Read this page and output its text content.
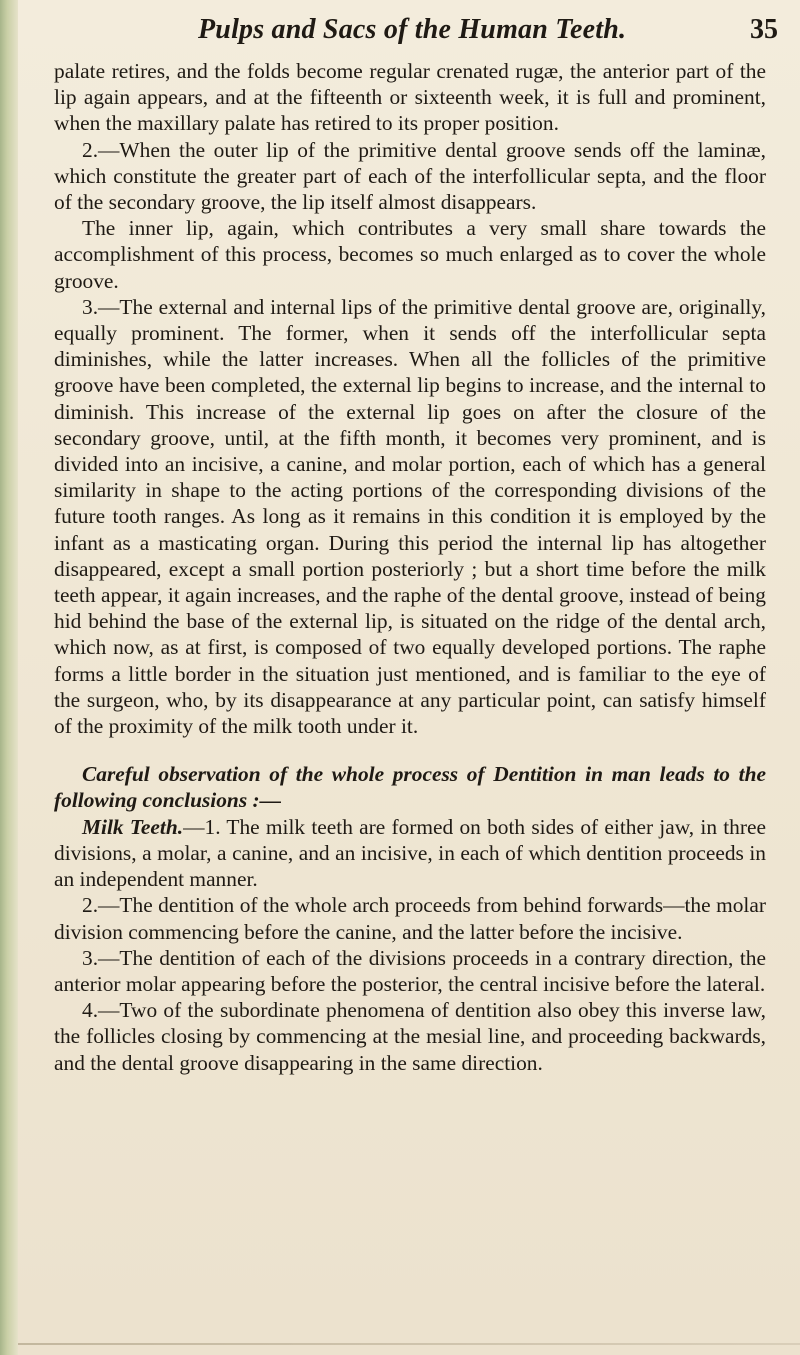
Pulps and Sacs of the Human Teeth.	35

palate retires, and the folds become regular crenated rugæ, the anterior part of the lip again appears, and at the fifteenth or sixteenth week, it is full and prominent, when the maxillary palate has retired to its proper position.

2.—When the outer lip of the primitive dental groove sends off the laminæ, which constitute the greater part of each of the interfollicular septa, and the floor of the secondary groove, the lip itself almost disappears.

The inner lip, again, which contributes a very small share towards the accomplishment of this process, becomes so much enlarged as to cover the whole groove.

3.—The external and internal lips of the primitive dental groove are, originally, equally prominent. The former, when it sends off the interfollicular septa diminishes, while the latter increases. When all the follicles of the primitive groove have been completed, the external lip begins to increase, and the internal to diminish. This increase of the external lip goes on after the closure of the secondary groove, until, at the fifth month, it becomes very prominent, and is divided into an incisive, a canine, and molar portion, each of which has a general similarity in shape to the acting portions of the corresponding divisions of the future tooth ranges. As long as it remains in this condition it is employed by the infant as a masticating organ. During this period the internal lip has altogether disappeared, except a small portion posteriorly ; but a short time before the milk teeth appear, it again increases, and the raphe of the dental groove, instead of being hid behind the base of the external lip, is situated on the ridge of the dental arch, which now, as at first, is composed of two equally developed portions. The raphe forms a little border in the situation just mentioned, and is familiar to the eye of the surgeon, who, by its disappearance at any particular point, can satisfy himself of the proximity of the milk tooth under it.

Careful observation of the whole process of Dentition in man leads to the following conclusions :—

Milk Teeth.—1. The milk teeth are formed on both sides of either jaw, in three divisions, a molar, a canine, and an incisive, in each of which dentition proceeds in an independent manner.

2.—The dentition of the whole arch proceeds from behind forwards—the molar division commencing before the canine, and the latter before the incisive.

3.—The dentition of each of the divisions proceeds in a contrary direction, the anterior molar appearing before the posterior, the central incisive before the lateral.

4.—Two of the subordinate phenomena of dentition also obey this inverse law, the follicles closing by commencing at the mesial line, and proceeding backwards, and the dental groove disappearing in the same direction.
